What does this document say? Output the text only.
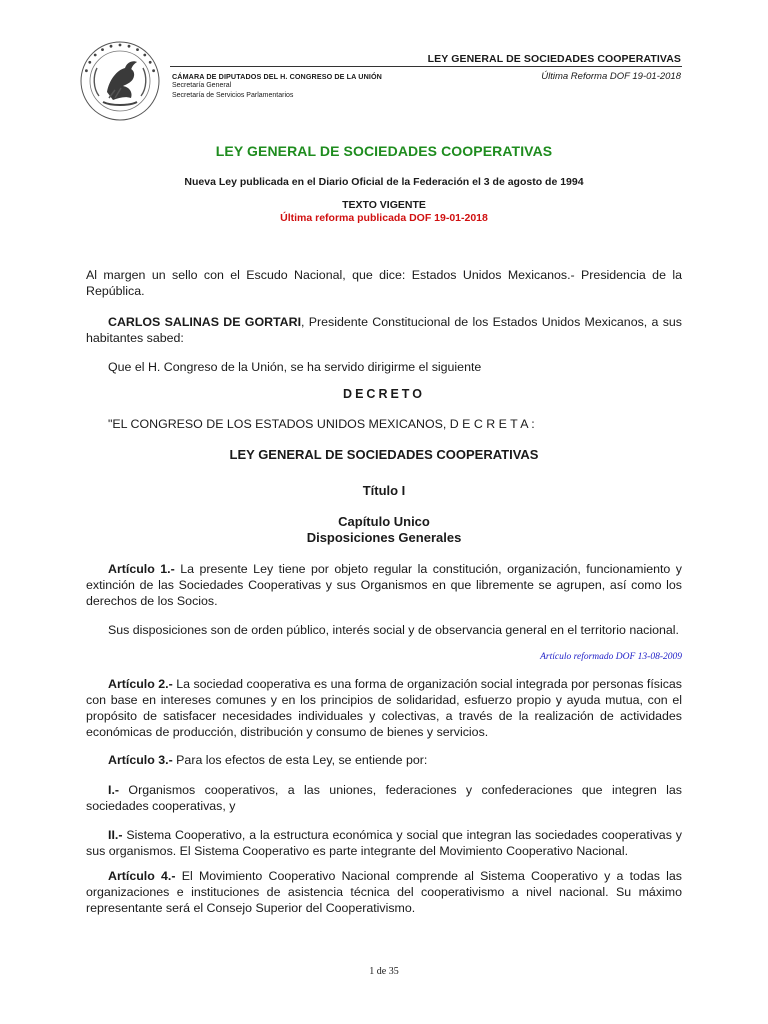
LEY GENERAL DE SOCIEDADES COOPERATIVAS
CÁMARA DE DIPUTADOS DEL H. CONGRESO DE LA UNIÓN
Secretaría General
Secretaría de Servicios Parlamentarios
Última Reforma DOF 19-01-2018
LEY GENERAL DE SOCIEDADES COOPERATIVAS
Nueva Ley publicada en el Diario Oficial de la Federación el 3 de agosto de 1994
TEXTO VIGENTE
Última reforma publicada DOF 19-01-2018
Al margen un sello con el Escudo Nacional, que dice: Estados Unidos Mexicanos.- Presidencia de la República.
CARLOS SALINAS DE GORTARI, Presidente Constitucional de los Estados Unidos Mexicanos, a sus habitantes sabed:
Que el H. Congreso de la Unión, se ha servido dirigirme el siguiente
DECRETO
"EL CONGRESO DE LOS ESTADOS UNIDOS MEXICANOS, D E C R E T A :
LEY GENERAL DE SOCIEDADES COOPERATIVAS
Título I
Capítulo Unico
Disposiciones Generales
Artículo 1.- La presente Ley tiene por objeto regular la constitución, organización, funcionamiento y extinción de las Sociedades Cooperativas y sus Organismos en que libremente se agrupen, así como los derechos de los Socios.
Sus disposiciones son de orden público, interés social y de observancia general en el territorio nacional.
Artículo reformado DOF 13-08-2009
Artículo 2.- La sociedad cooperativa es una forma de organización social integrada por personas físicas con base en intereses comunes y en los principios de solidaridad, esfuerzo propio y ayuda mutua, con el propósito de satisfacer necesidades individuales y colectivas, a través de la realización de actividades económicas de producción, distribución y consumo de bienes y servicios.
Artículo 3.- Para los efectos de esta Ley, se entiende por:
I.- Organismos cooperativos, a las uniones, federaciones y confederaciones que integren las sociedades cooperativas, y
II.- Sistema Cooperativo, a la estructura económica y social que integran las sociedades cooperativas y sus organismos. El Sistema Cooperativo es parte integrante del Movimiento Cooperativo Nacional.
Artículo 4.- El Movimiento Cooperativo Nacional comprende al Sistema Cooperativo y a todas las organizaciones e instituciones de asistencia técnica del cooperativismo a nivel nacional. Su máximo representante será el Consejo Superior del Cooperativismo.
1 de 35
